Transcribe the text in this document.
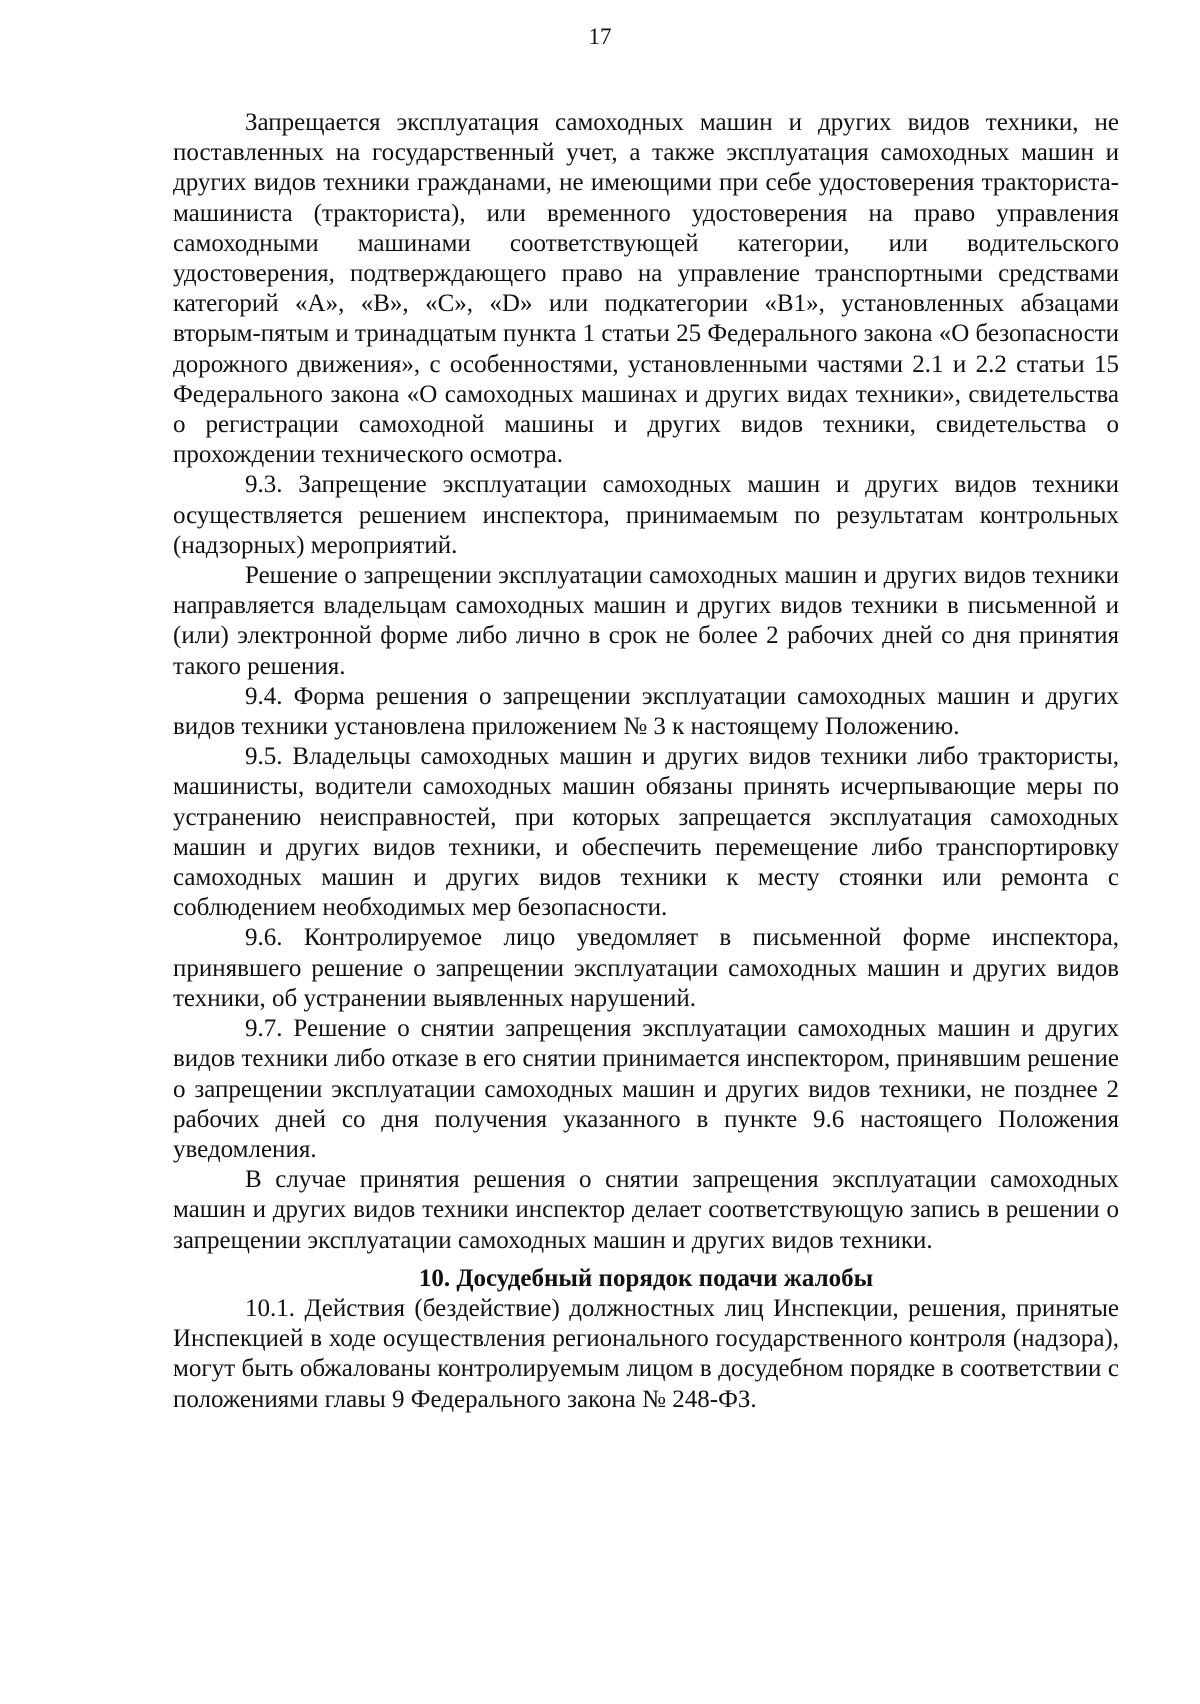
17

Запрещается эксплуатация самоходных машин и других видов техники, не поставленных на государственный учет, а также эксплуатация самоходных машин и других видов техники гражданами, не имеющими при себе удостоверения тракториста-машиниста (тракториста), или временного удостоверения на право управления самоходными машинами соответствующей категории, или водительского удостоверения, подтверждающего право на управление транспортными средствами категорий «А», «В», «С», «D» или подкатегории «В1», установленных абзацами вторым-пятым и тринадцатым пункта 1 статьи 25 Федерального закона «О безопасности дорожного движения», с особенностями, установленными частями 2.1 и 2.2 статьи 15 Федерального закона «О самоходных машинах и других видах техники», свидетельства о регистрации самоходной машины и других видов техники, свидетельства о прохождении технического осмотра.

9.3. Запрещение эксплуатации самоходных машин и других видов техники осуществляется решением инспектора, принимаемым по результатам контрольных (надзорных) мероприятий.

Решение о запрещении эксплуатации самоходных машин и других видов техники направляется владельцам самоходных машин и других видов техники в письменной и (или) электронной форме либо лично в срок не более 2 рабочих дней со дня принятия такого решения.

9.4. Форма решения о запрещении эксплуатации самоходных машин и других видов техники установлена приложением № 3 к настоящему Положению.

9.5. Владельцы самоходных машин и других видов техники либо трактористы, машинисты, водители самоходных машин обязаны принять исчерпывающие меры по устранению неисправностей, при которых запрещается эксплуатация самоходных машин и других видов техники, и обеспечить перемещение либо транспортировку самоходных машин и других видов техники к месту стоянки или ремонта с соблюдением необходимых мер безопасности.

9.6. Контролируемое лицо уведомляет в письменной форме инспектора, принявшего решение о запрещении эксплуатации самоходных машин и других видов техники, об устранении выявленных нарушений.

9.7. Решение о снятии запрещения эксплуатации самоходных машин и других видов техники либо отказе в его снятии принимается инспектором, принявшим решение о запрещении эксплуатации самоходных машин и других видов техники, не позднее 2 рабочих дней со дня получения указанного в пункте 9.6 настоящего Положения уведомления.

В случае принятия решения о снятии запрещения эксплуатации самоходных машин и других видов техники инспектор делает соответствующую запись в решении о запрещении эксплуатации самоходных машин и других видов техники.

10. Досудебный порядок подачи жалобы

10.1. Действия (бездействие) должностных лиц Инспекции, решения, принятые Инспекцией в ходе осуществления регионального государственного контроля (надзора), могут быть обжалованы контролируемым лицом в досудебном порядке в соответствии с положениями главы 9 Федерального закона № 248-ФЗ.
